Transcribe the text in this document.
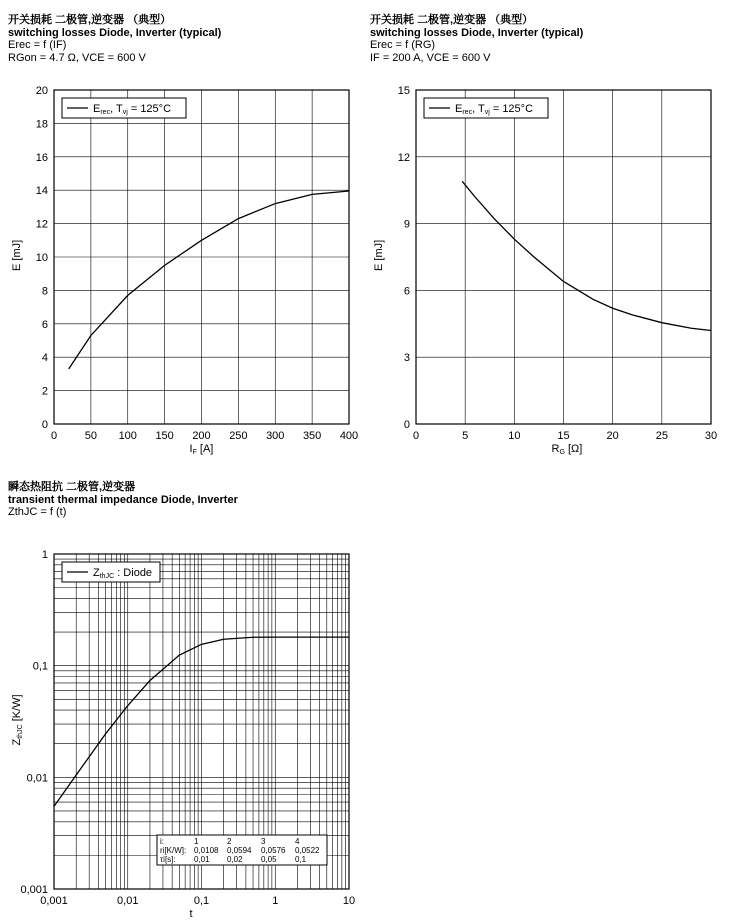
开关损耗 二极管,逆变器 （典型）
switching losses Diode, Inverter (typical)
Erec = f (IF)
RGon = 4.7 Ω, VCE = 600 V
开关损耗 二极管,逆变器 （典型）
switching losses Diode, Inverter (typical)
Erec = f (RG)
IF = 200 A, VCE = 600 V
瞬态热阻抗 二极管,逆变器
transient thermal impedance Diode, Inverter
ZthJC = f (t)
0	50 100 150 200 250 300 350 400
0
2
4
6
8
10
12
14
16
18
20
IF [A]
E [mJ]
Erec, Tvj = 125°C
0	5	10	15	20	25	30
0
3
6
9
12
15
RG [Ω]
E [mJ]
Erec, Tvj = 125°C
0,001	0,01	0,1	1	10
0,001
0,01
0,1
1
t
ZthJC [K/W]
ZthJC : Diode
i:	1	2	3	4
ri[K/W]: 0,0108 0,0594 0,0576 0,0522
τi[s]: 0,01 0,02 0,05 0,1
